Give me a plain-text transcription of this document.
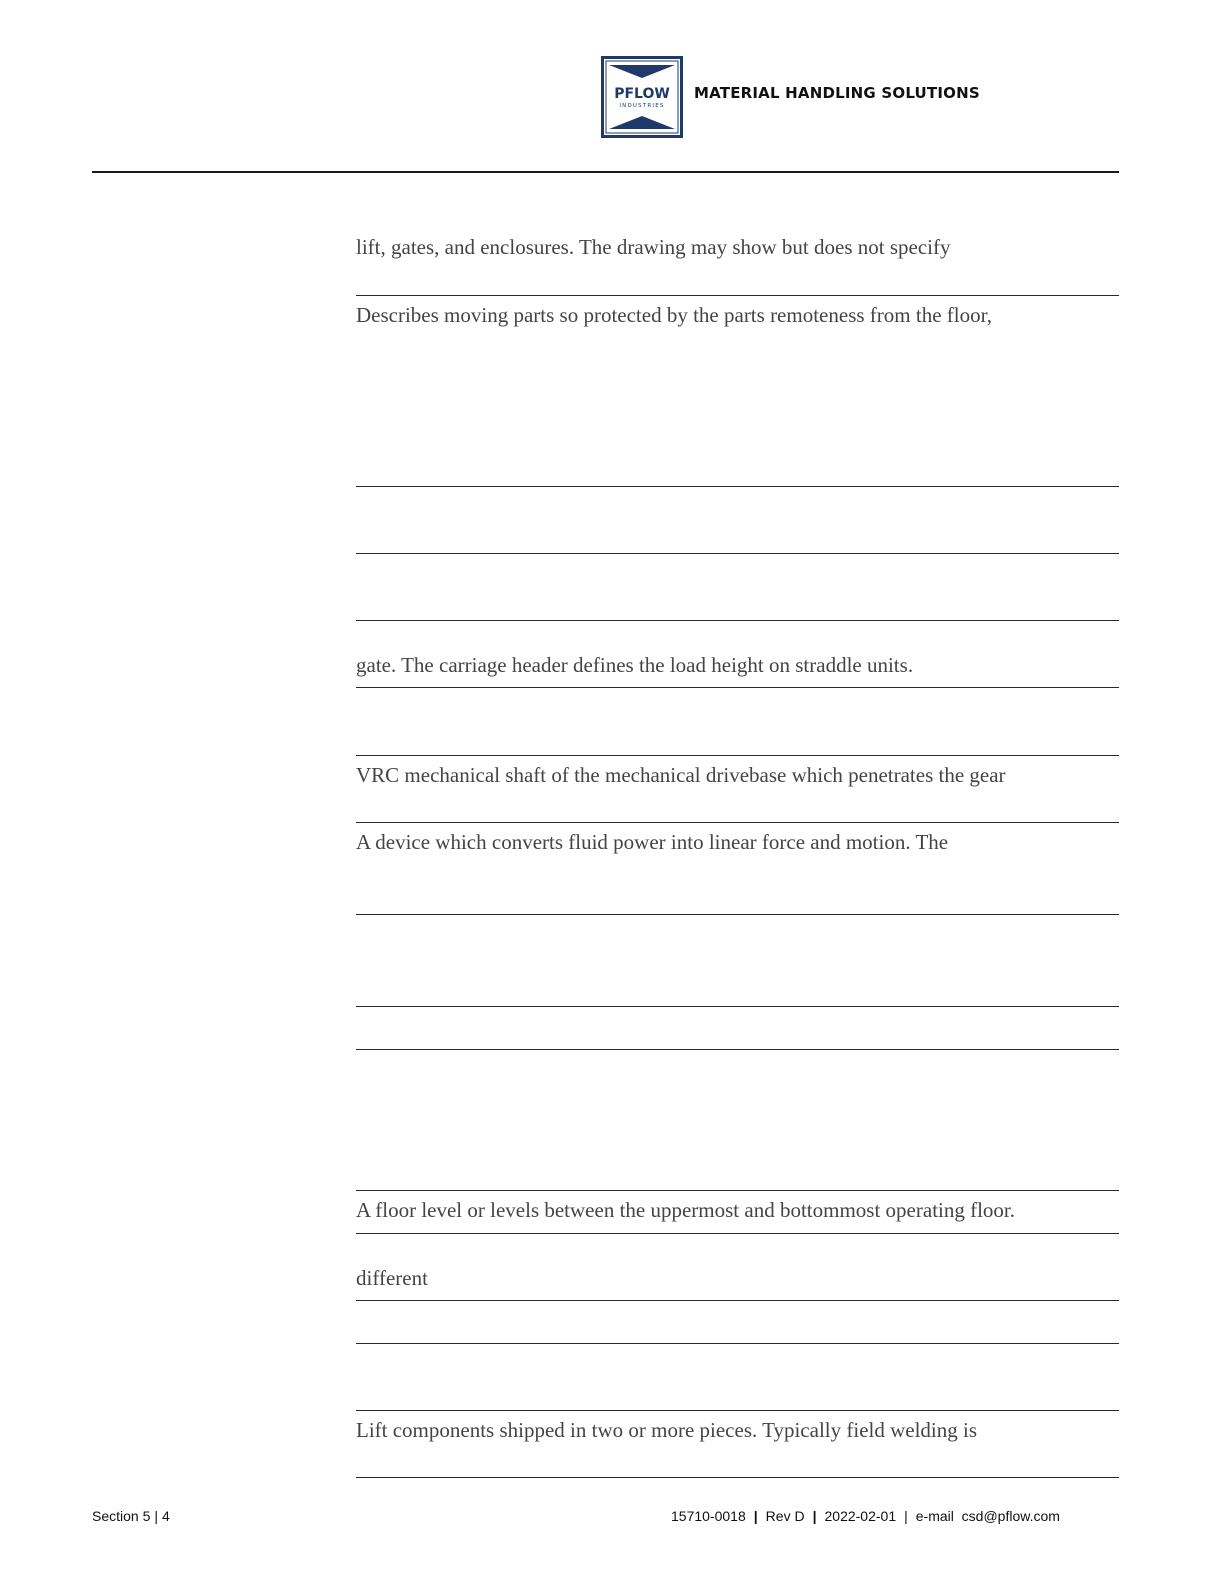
PFLOW
INDUSTRIES
MATERIAL HANDLING SOLUTIONS
lift, gates, and enclosures. The drawing may show but does not specify
Describes moving parts so protected by the parts remoteness from the floor,
gate. The carriage header defines the load height on straddle units.
VRC mechanical shaft of the mechanical drivebase which penetrates the gear
A device which converts fluid power into linear force and motion. The
A floor level or levels between the uppermost and bottommost operating floor.
different
Lift components shipped in two or more pieces. Typically field welding is
Section 5 | 4	15710-0018 | Rev D | 2022-02-01 | e-mail csd@pflow.com
